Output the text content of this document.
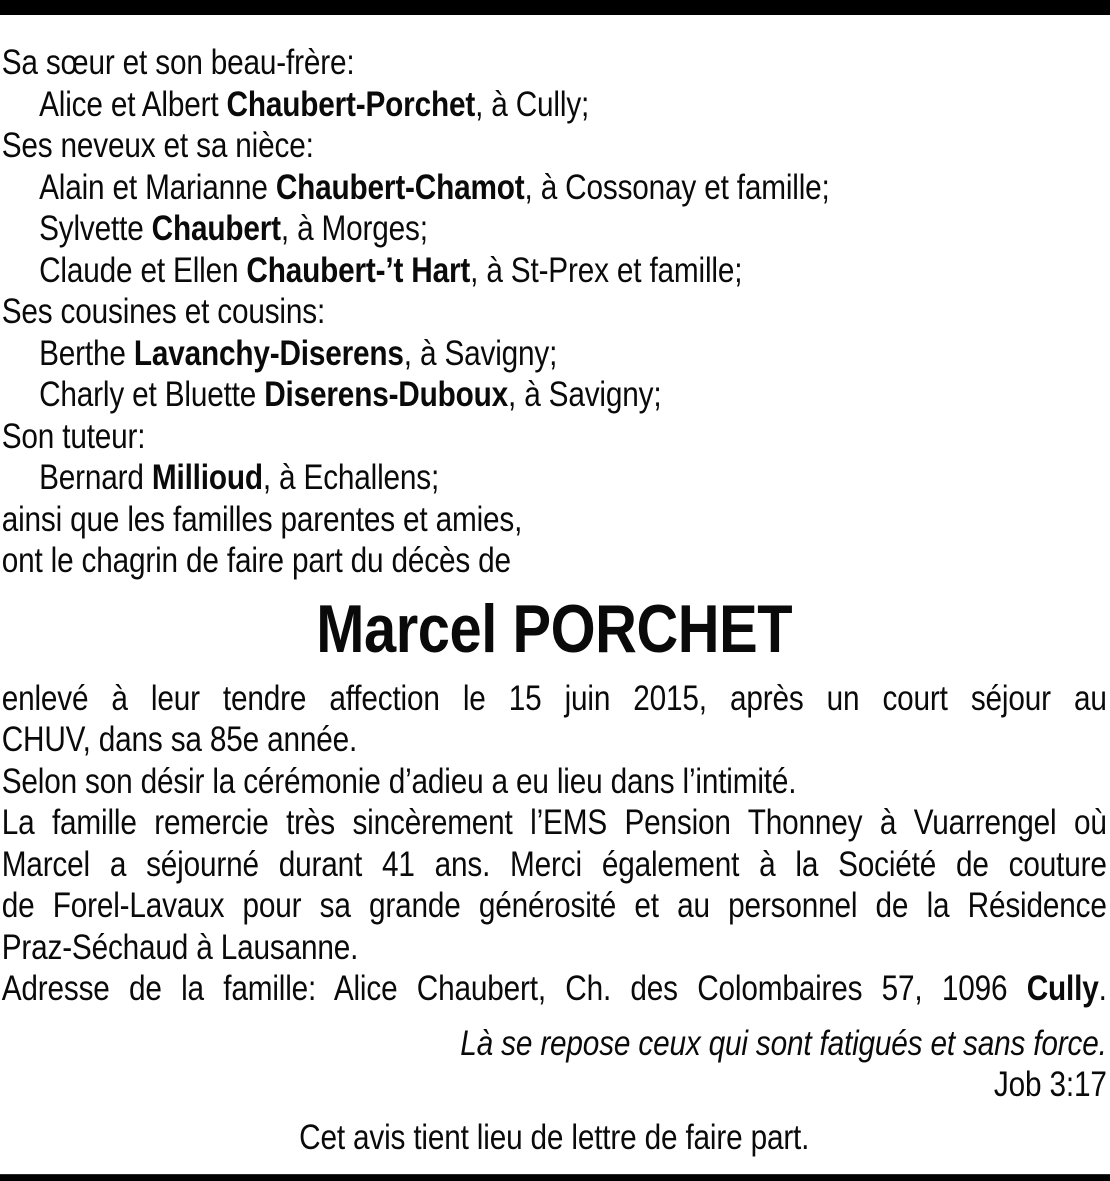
Sa sœur et son beau-frère:
Alice et Albert Chaubert-Porchet, à Cully;
Ses neveux et sa nièce:
Alain et Marianne Chaubert-Chamot, à Cossonay et famille;
Sylvette Chaubert, à Morges;
Claude et Ellen Chaubert-’t Hart, à St-Prex et famille;
Ses cousines et cousins:
Berthe Lavanchy-Diserens, à Savigny;
Charly et Bluette Diserens-Duboux, à Savigny;
Son tuteur:
Bernard Millioud, à Echallens;
ainsi que les familles parentes et amies,
ont le chagrin de faire part du décès de
Marcel PORCHET
enlevé à leur tendre affection le 15 juin 2015, après un court séjour au
CHUV, dans sa 85e année.
Selon son désir la cérémonie d’adieu a eu lieu dans l’intimité.
La famille remercie très sincèrement l’EMS Pension Thonney à Vuarrengel où
Marcel a séjourné durant 41 ans. Merci également à la Société de couture
de Forel-Lavaux pour sa grande générosité et au personnel de la Résidence
Praz-Séchaud à Lausanne.
Adresse de la famille: Alice Chaubert, Ch. des Colombaires 57, 1096 Cully.
Là se repose ceux qui sont fatigués et sans force.
Job 3:17
Cet avis tient lieu de lettre de faire part.
